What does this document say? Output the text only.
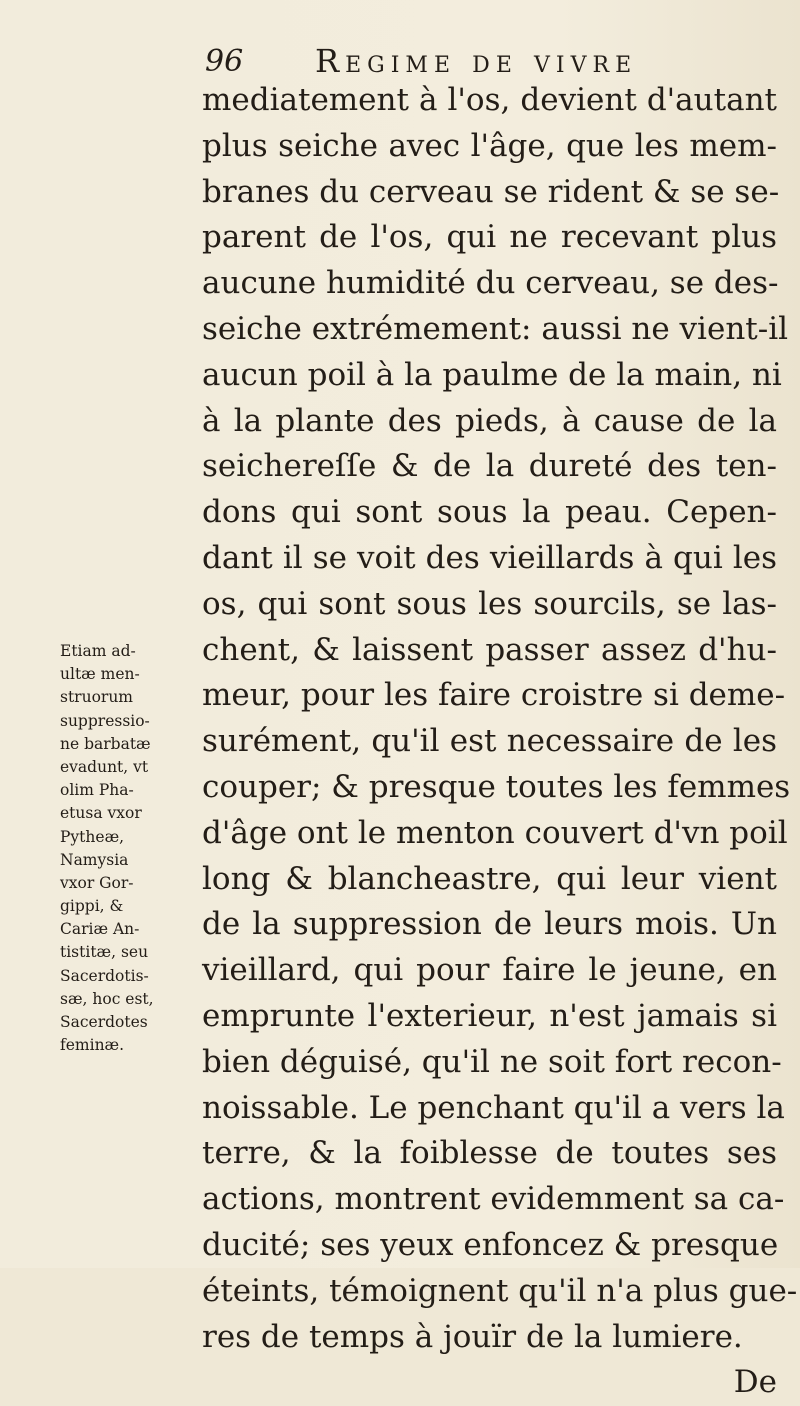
96 Regime de vivre
mediatement à l'os, devient d'autant
plus seiche avec l'âge, que les mem-
branes du cerveau se rident & se se-
parent de l'os, qui ne recevant plus
aucune humidité du cerveau, se des-
seiche extrémement: aussi ne vient-il
aucun poil à la paulme de la main, ni
à la plante des pieds, à cause de la
seichereſſe & de la dureté des ten-
dons qui sont sous la peau. Cepen-
dant il se voit des vieillards à qui les
os, qui sont sous les sourcils, se las-
chent, & laissent passer assez d'hu-
meur, pour les faire croistre si deme-
surément, qu'il est necessaire de les
couper; & presque toutes les femmes
d'âge ont le menton couvert d'vn poil
long & blancheastre, qui leur vient
de la suppression de leurs mois. Un
vieillard, qui pour faire le jeune, en
emprunte l'exterieur, n'est jamais si
bien déguisé, qu'il ne soit fort recon-
noissable. Le penchant qu'il a vers la
terre, & la foiblesse de toutes ses
actions, montrent evidemment sa ca-
ducité; ses yeux enfoncez & presque
éteints, témoignent qu'il n'a plus gue-
res de temps à jouïr de la lumiere.
De
Etiam ad-
ultæ men-
struorum
suppressio-
ne barbatæ
evadunt, vt
olim Pha-
etusa vxor
Pytheæ,
Namysia
vxor Gor-
gippi, &
Cariæ An-
tistitæ, seu
Sacerdotis-
sæ, hoc est,
Sacerdotes
feminæ.
